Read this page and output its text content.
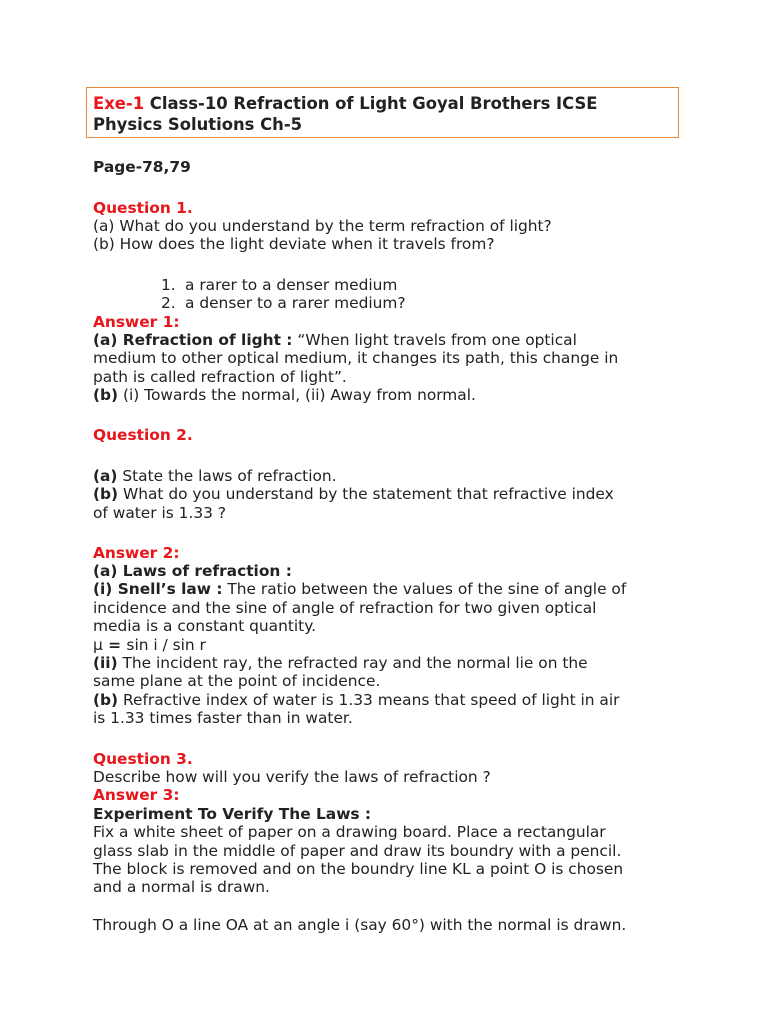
Exe-1 Class-10 Refraction of Light Goyal Brothers ICSE
Physics Solutions Ch-5
Page-78,79
Question 1.
(a) What do you understand by the term refraction of light?
(b) How does the light deviate when it travels from?
1. a rarer to a denser medium
2. a denser to a rarer medium?
Answer 1:
(a) Refraction of light : “When light travels from one optical
medium to other optical medium, it changes its path, this change in
path is called refraction of light”.
(b) (i) Towards the normal, (ii) Away from normal.
Question 2.
(a) State the laws of refraction.
(b) What do you understand by the statement that refractive index
of water is 1.33 ?
Answer 2:
(a) Laws of refraction :
(i) Snell’s law : The ratio between the values of the sine of angle of
incidence and the sine of angle of refraction for two given optical
media is a constant quantity.
µ = sin i / sin r
(ii) The incident ray, the refracted ray and the normal lie on the
same plane at the point of incidence.
(b) Refractive index of water is 1.33 means that speed of light in air
is 1.33 times faster than in water.
Question 3.
Describe how will you verify the laws of refraction ?
Answer 3:
Experiment To Verify The Laws :
Fix a white sheet of paper on a drawing board. Place a rectangular
glass slab in the middle of paper and draw its boundry with a pencil.
The block is removed and on the boundry line KL a point O is chosen
and a normal is drawn.
Through O a line OA at an angle i (say 60°) with the normal is drawn.
